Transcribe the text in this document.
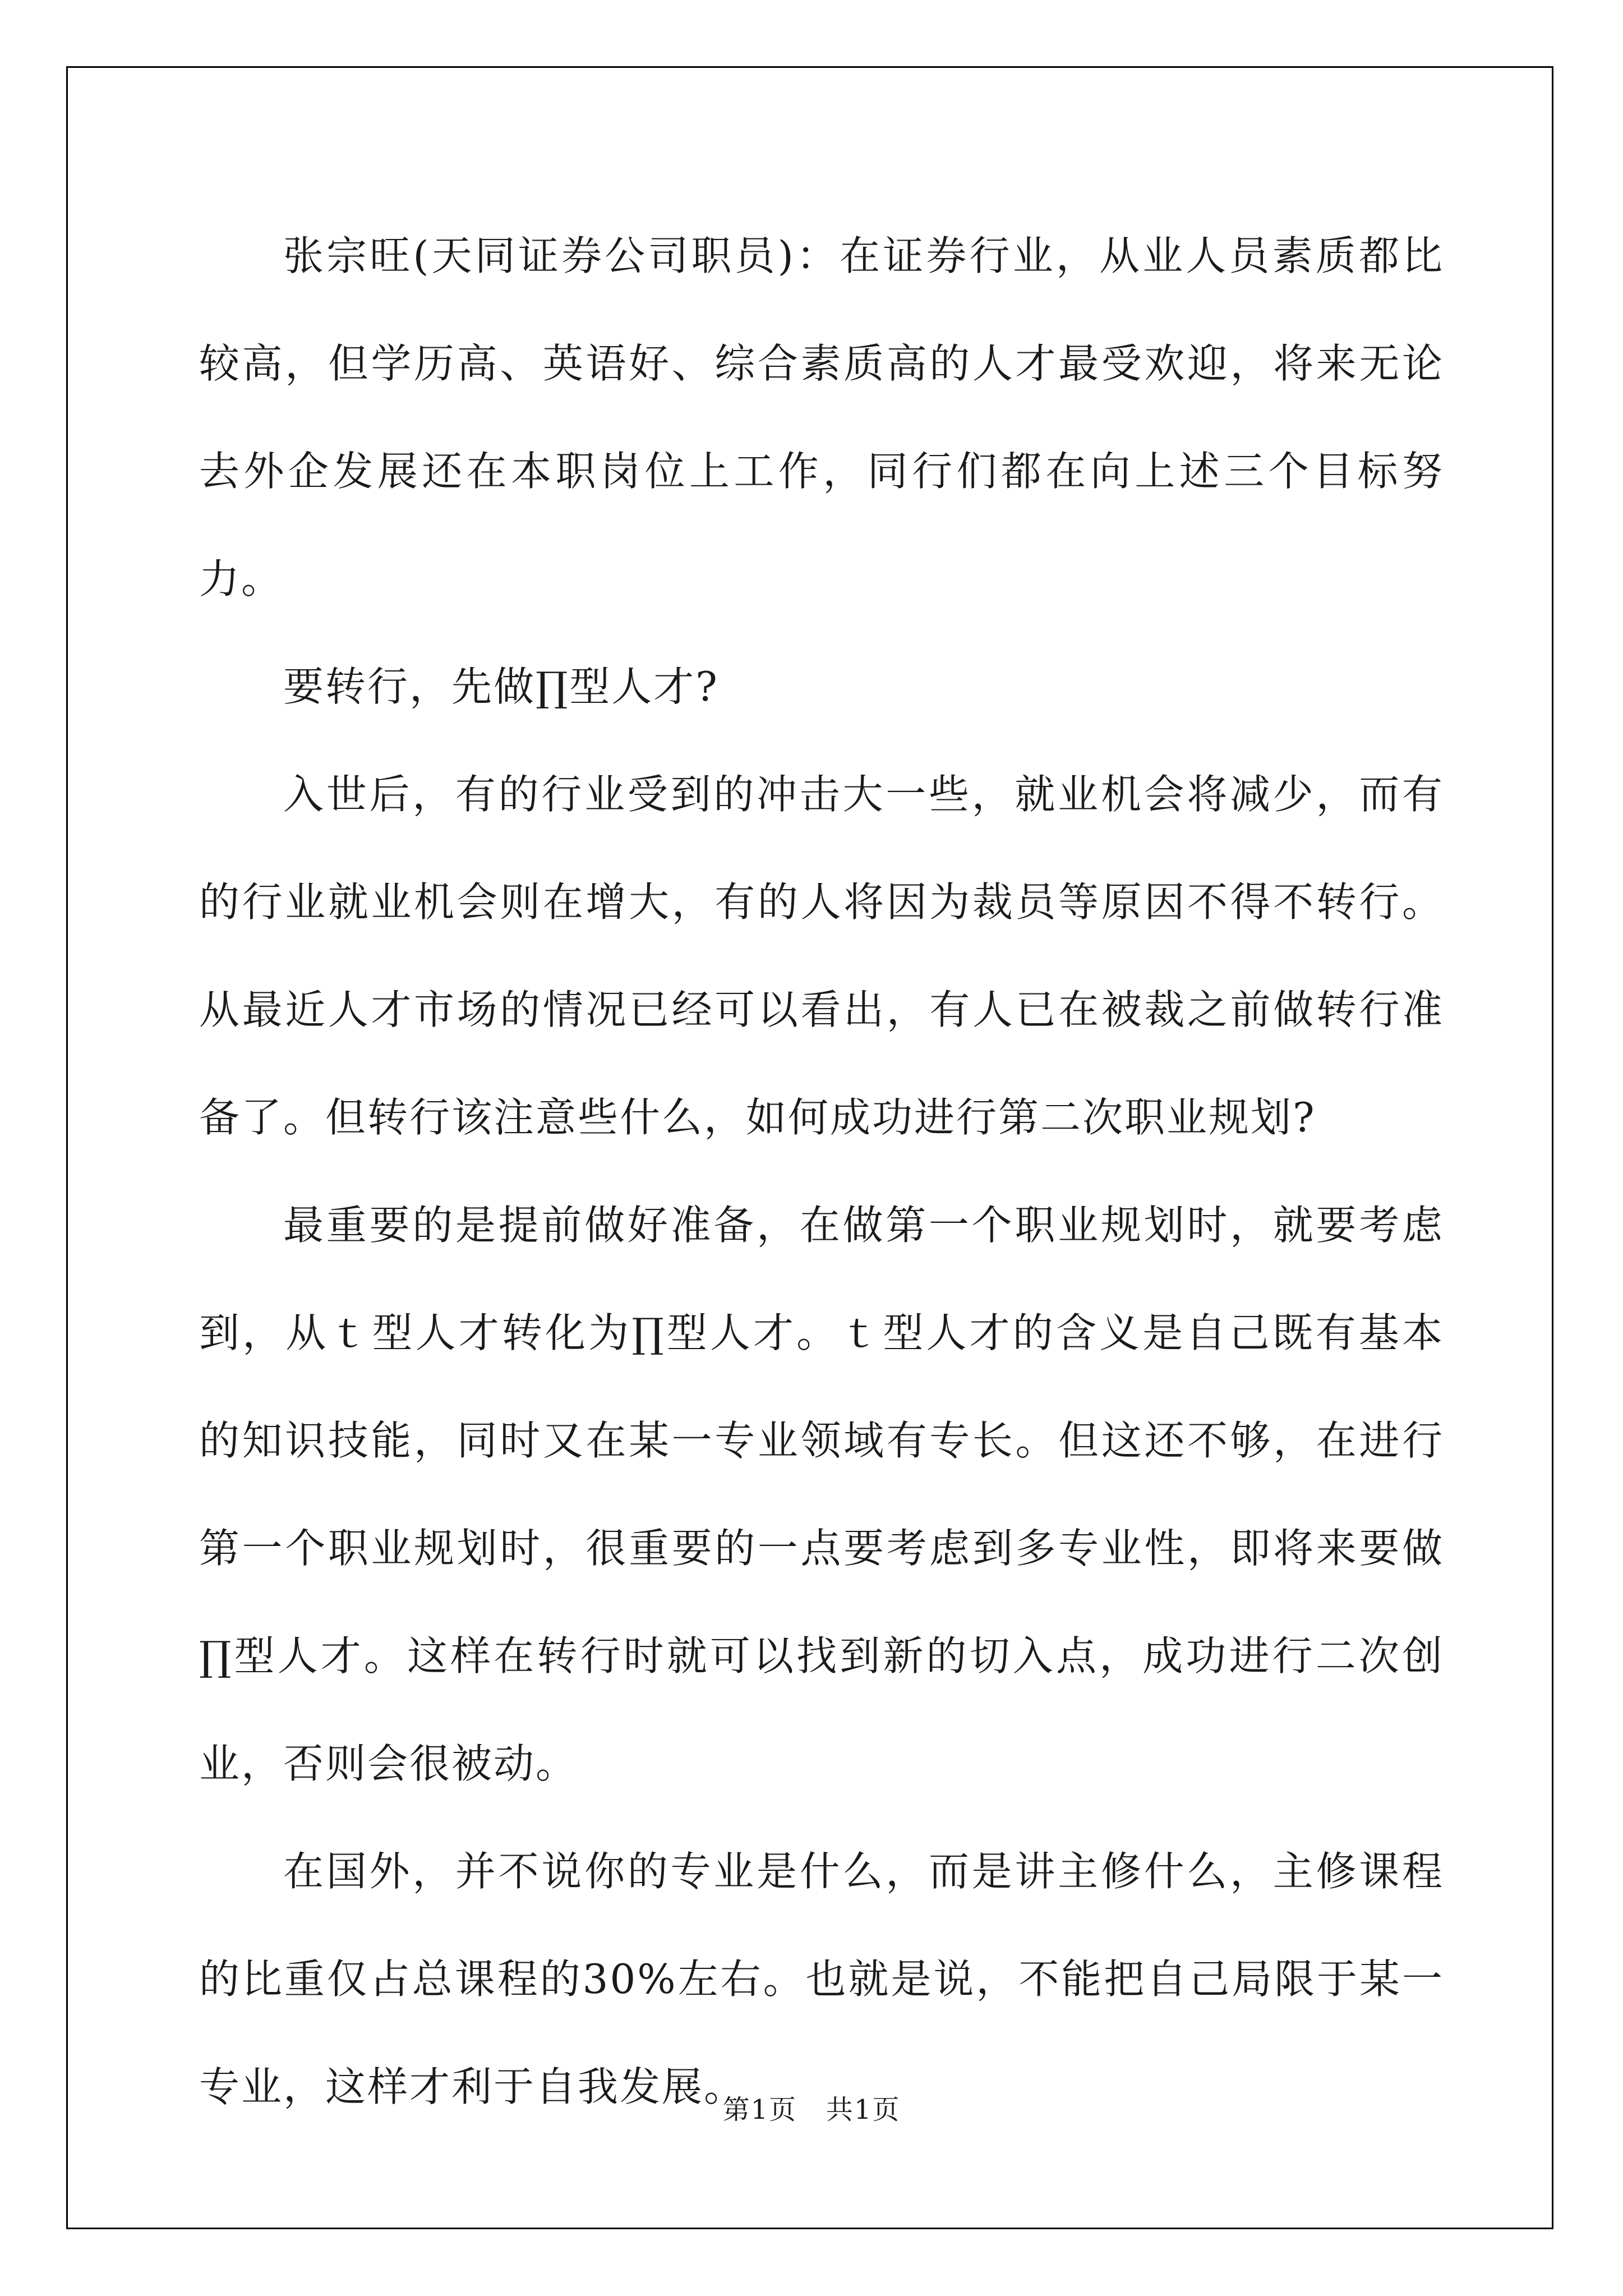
张宗旺(天同证券公司职员)：在证券行业，从业人员素质都比较高，但学历高、英语好、综合素质高的人才最受欢迎，将来无论去外企发展还在本职岗位上工作，同行们都在向上述三个目标努力。

要转行，先做∏型人才?

入世后，有的行业受到的冲击大一些，就业机会将减少，而有的行业就业机会则在增大，有的人将因为裁员等原因不得不转行。从最近人才市场的情况已经可以看出，有人已在被裁之前做转行准备了。但转行该注意些什么，如何成功进行第二次职业规划?

最重要的是提前做好准备，在做第一个职业规划时，就要考虑到，从ｔ型人才转化为∏型人才。ｔ型人才的含义是自己既有基本的知识技能，同时又在某一专业领域有专长。但这还不够，在进行第一个职业规划时，很重要的一点要考虑到多专业性，即将来要做∏型人才。这样在转行时就可以找到新的切入点，成功进行二次创业，否则会很被动。

在国外，并不说你的专业是什么，而是讲主修什么，主修课程的比重仅占总课程的30%左右。也就是说，不能把自己局限于某一专业，这样才利于自我发展。

第1页 共1页
